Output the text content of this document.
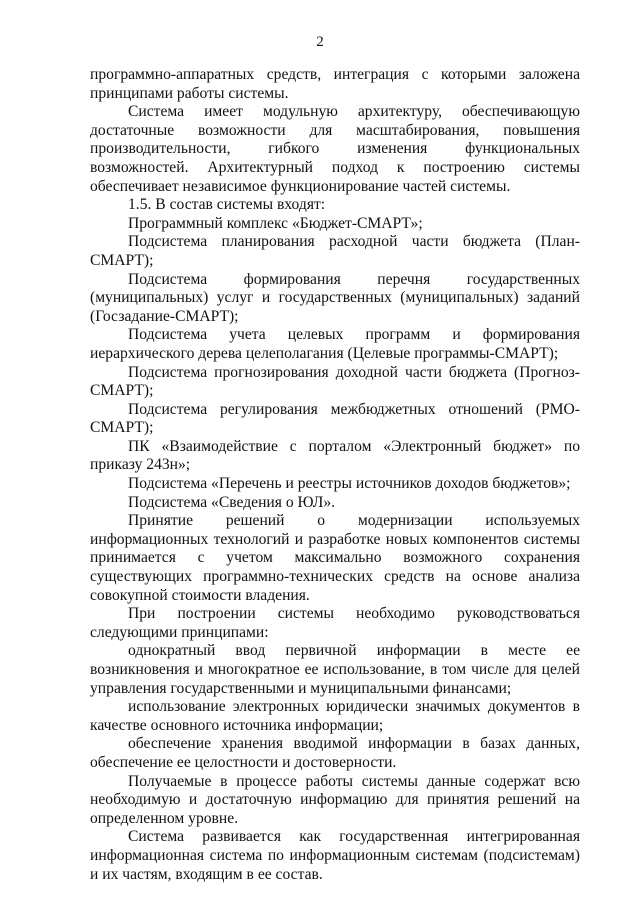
2

программно-аппаратных средств, интеграция с которыми заложена принципами работы системы.

Система имеет модульную архитектуру, обеспечивающую достаточные возможности для масштабирования, повышения производительности, гибкого изменения функциональных возможностей. Архитектурный подход к построению системы обеспечивает независимое функционирование частей системы.

1.5. В состав системы входят:

Программный комплекс «Бюджет-СМАРТ»;

Подсистема планирования расходной части бюджета (План-СМАРТ);

Подсистема формирования перечня государственных (муниципальных) услуг и государственных (муниципальных) заданий (Госзадание-СМАРТ);

Подсистема учета целевых программ и формирования иерархического дерева целеполагания (Целевые программы-СМАРТ);

Подсистема прогнозирования доходной части бюджета (Прогноз-СМАРТ);

Подсистема регулирования межбюджетных отношений (РМО-СМАРТ);

ПК «Взаимодействие с порталом «Электронный бюджет» по приказу 243н»;

Подсистема «Перечень и реестры источников доходов бюджетов»;

Подсистема «Сведения о ЮЛ».

Принятие решений о модернизации используемых информационных технологий и разработке новых компонентов системы принимается с учетом максимально возможного сохранения существующих программно-технических средств на основе анализа совокупной стоимости владения.

При построении системы необходимо руководствоваться следующими принципами:

однократный ввод первичной информации в месте ее возникновения и многократное ее использование, в том числе для целей управления государственными и муниципальными финансами;

использование электронных юридически значимых документов в качестве основного источника информации;

обеспечение хранения вводимой информации в базах данных, обеспечение ее целостности и достоверности.

Получаемые в процессе работы системы данные содержат всю необходимую и достаточную информацию для принятия решений на определенном уровне.

Система развивается как государственная интегрированная информационная система по информационным системам (подсистемам) и их частям, входящим в ее состав.
